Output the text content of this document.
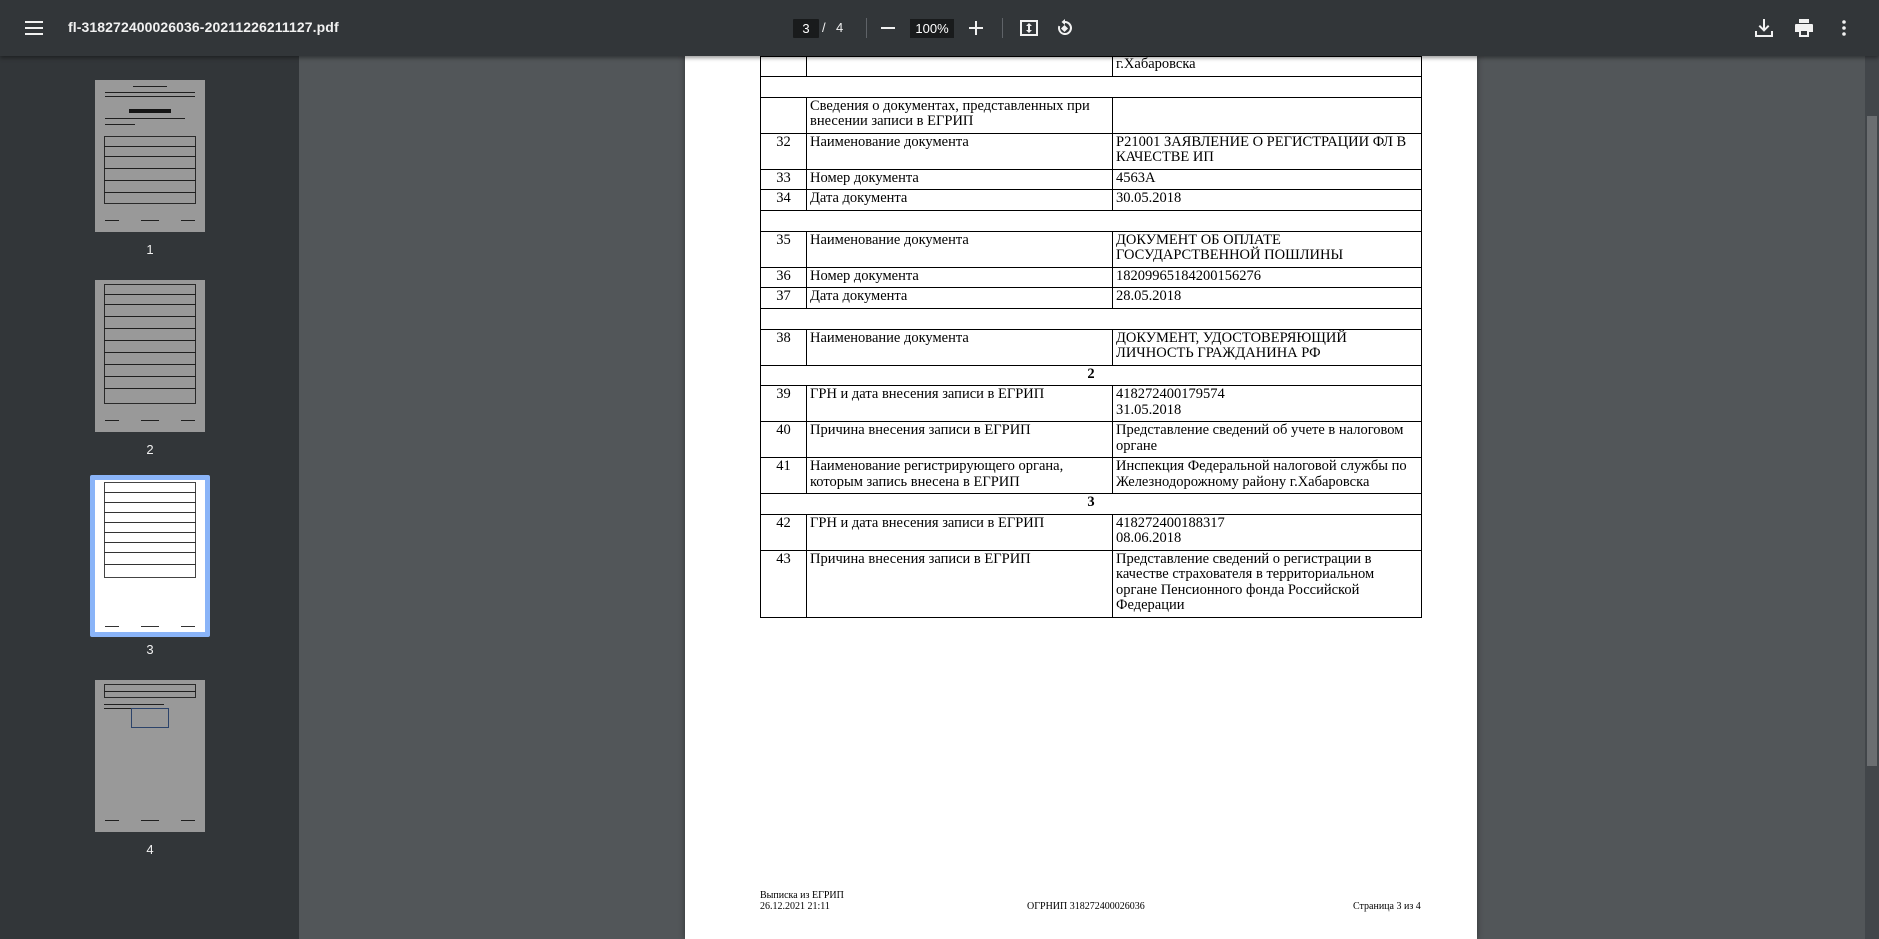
fl-318272400026036-20211226211127.pdf	3 / 4	100%
1
2
3
4
		г.Хабаровска

	Сведения о документах, представленных при внесении записи в ЕГРИП	
32	Наименование документа	Р21001 ЗАЯВЛЕНИЕ О РЕГИСТРАЦИИ ФЛ В КАЧЕСТВЕ ИП
33	Номер документа	4563А
34	Дата документа	30.05.2018

35	Наименование документа	ДОКУМЕНТ ОБ ОПЛАТЕ ГОСУДАРСТВЕННОЙ ПОШЛИНЫ
36	Номер документа	18209965184200156276
37	Дата документа	28.05.2018

38	Наименование документа	ДОКУМЕНТ, УДОСТОВЕРЯЮЩИЙ ЛИЧНОСТЬ ГРАЖДАНИНА РФ
2		
39	ГРН и дата внесения записи в ЕГРИП	418272400179574
31.05.2018

40	Причина внесения записи в ЕГРИП	Представление сведений об учете в налоговом органе
41	Наименование регистрирующего органа, которым запись внесена в ЕГРИП	Инспекция Федеральной налоговой службы по Железнодорожному району г.Хабаровска
3		
42	ГРН и дата внесения записи в ЕГРИП	418272400188317
08.06.2018

43	Причина внесения записи в ЕГРИП	Представление сведений о регистрации в качестве страхователя в территориальном органе Пенсионного фонда Российской Федерации
Выписка из ЕГРИП
26.12.2021 21:11	ОГРНИП 318272400026036	Страница 3 из 4
